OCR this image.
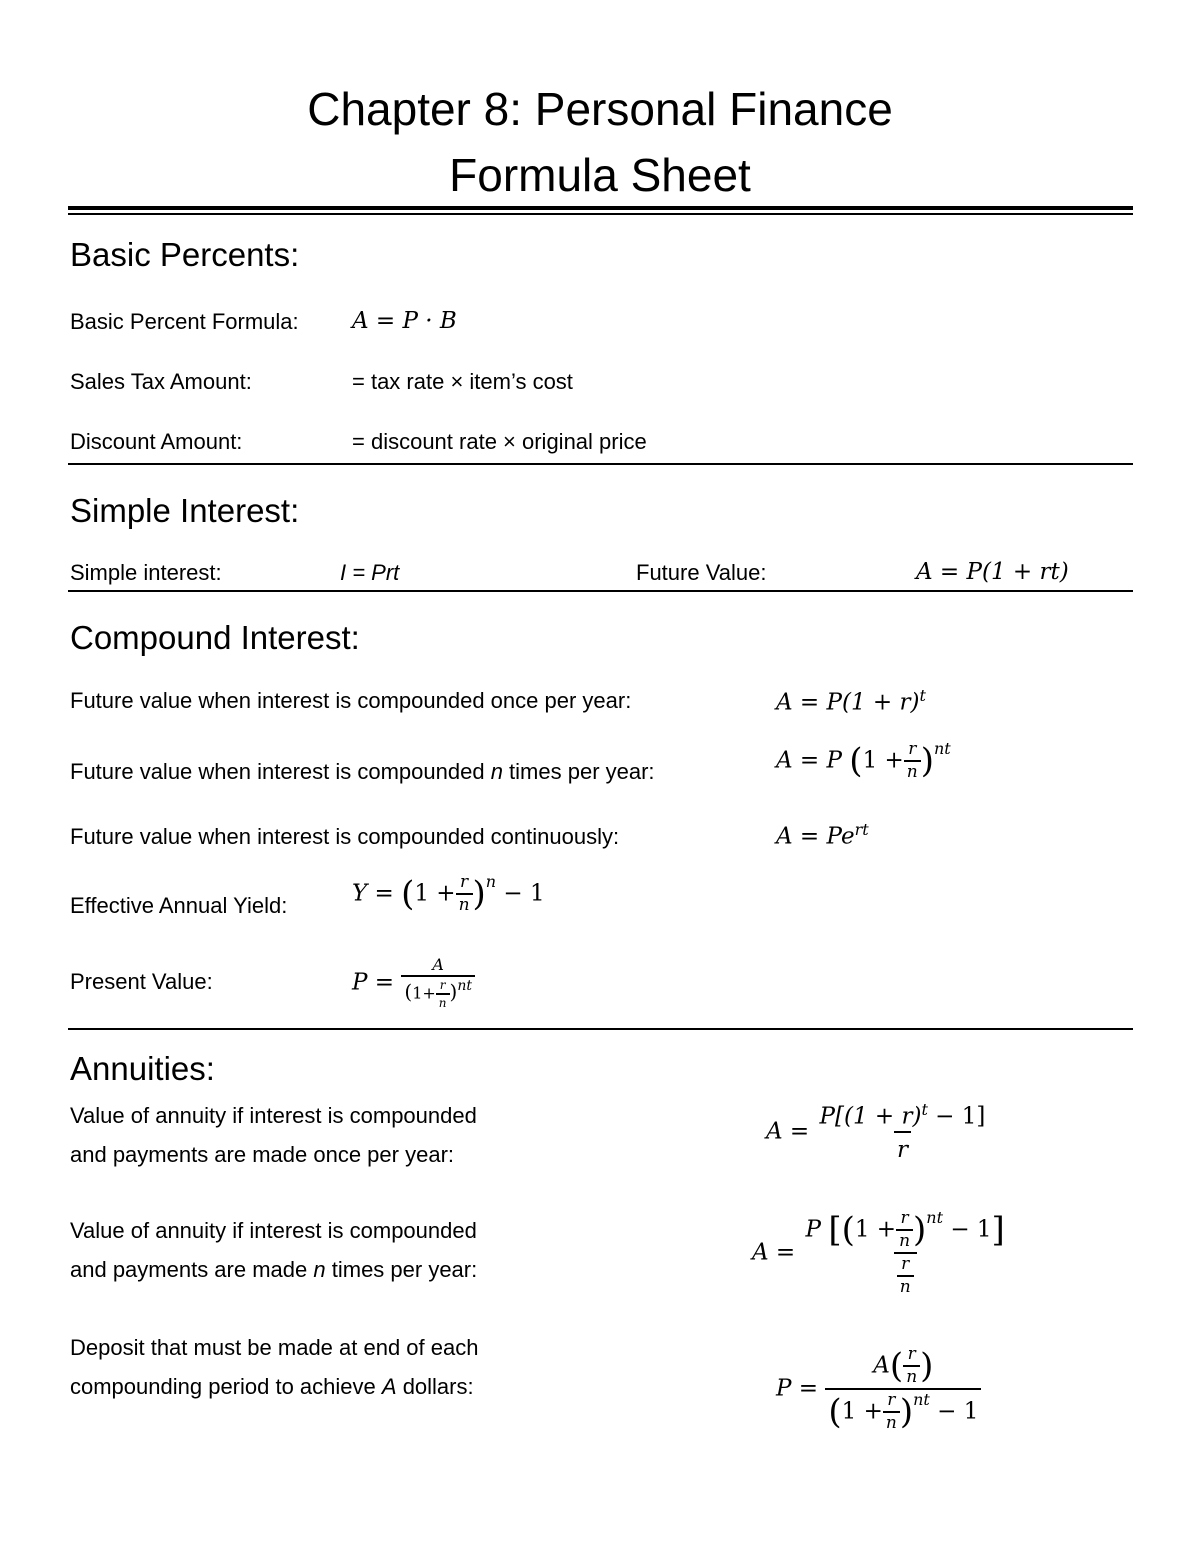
Chapter 8: Personal Finance
Formula Sheet
Basic Percents:
Basic Percent Formula: A = P · B
Sales Tax Amount:	= tax rate × item’s cost
Discount Amount:	= discount rate × original price
Simple Interest:
Simple interest:	I = Prt	Future Value:	A = P(1 + rt)
Compound Interest:
Future value when interest is compounded once per year:	$A = P(1 + r)^t$
Future value when interest is compounded n times per year:	A = P $(1 + \frac{r}{n} )^{nt}$
Future value when interest is compounded continuously:	$A = Pe^{rt}$
Effective Annual Yield:	$Y = (1 + \frac{r}{n} )^n - 1$
Present Value:	$P = \frac{A}{(1+ \frac{r}{n} )nt}$
Annuities:
Value of annuity if interest is compounded
and payments are made once per year:
$A = \frac{P[(1 + r)^t - 1]}{r}$
Value of annuity if interest is compounded
and payments are made n times per year:
$A = \frac{P [(1 + \frac{r}{n} )^{nt} - 1]}{\frac{r}{n}}$
Deposit that must be made at end of each
compounding period to achieve A dollars:	$P = \frac{A( \frac{r}{n} )}{(1 + \frac{r}{n} )^{nt} - 1}$
